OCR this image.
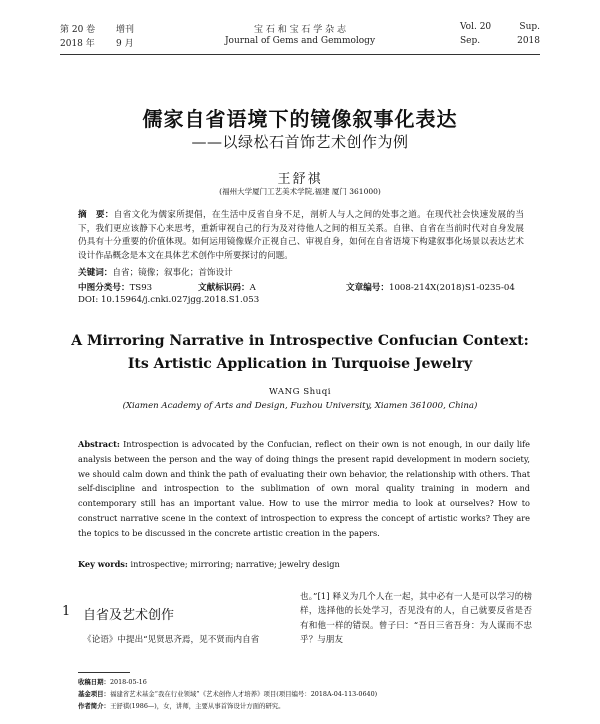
第 20 卷 增刊
2018 年 9 月
宝 石 和 宝 石 学 杂 志
Journal of Gems and Gemmology
Vol. 20	Sup.
Sep.	2018
儒家自省语境下的镜像叙事化表达
——以绿松石首饰艺术创作为例
王舒祺
(福州大学厦门工艺美术学院,福建 厦门 361000)
摘　要：自省文化为儒家所提倡，在生活中反省自身不足，剖析人与人之间的处事之道。在现代社会快速发展的当下，我们更应该静下心来思考，重新审视自己的行为及对待他人之间的相互关系。自律、自省在当前时代对自身发展仍具有十分重要的价值体现。如何运用镜像媒介正视自己、审视自身，如何在自省语境下构建叙事化场景以表达艺术设计作品概念是本文在具体艺术创作中所要探讨的问题。
关键词：自省；镜像；叙事化；首饰设计
中图分类号：TS93	文献标识码：A	文章编号：1008-214X(2018)S1-0235-04
DOI: 10.15964/j.cnki.027jgg.2018.S1.053
A Mirroring Narrative in Introspective Confucian Context:
Its Artistic Application in Turquoise Jewelry
WANG Shuqi
(Xiamen Academy of Arts and Design, Fuzhou University, Xiamen 361000, China)
Abstract: Introspection is advocated by the Confucian, reflect on their own is not enough, in our daily life analysis between the person and the way of doing things the present rapid development in modern society, we should calm down and think the path of evaluating their own behavior, the relationship with others. That self-discipline and introspection to the sublimation of own moral quality training in modern and contemporary still has an important value. How to use the mirror media to look at ourselves? How to construct narrative scene in the context of introspection to express the concept of artistic works? They are the topics to be discussed in the concrete artistic creation in the papers.
Key words: introspective; mirroring; narrative; jewelry design
1 自省及艺术创作
《论语》中提出“见贤思齐焉，见不贤而内自省
也。”[1] 释义为几个人在一起，其中必有一人是可以学习的榜样，选择他的长处学习，否见没有的人，自己就要反省是否有和他一样的错误。曾子曰：“吾日三省吾身：为人谋而不忠乎？与朋友
收稿日期：2018-05-16
基金项目：福建省艺术基金“我在行业领域”《艺术创作人才培养》项目(项目编号：2018A-04-113-0640)
作者简介：王舒祺(1986—)，女，讲师，主要从事首饰设计方面的研究。
